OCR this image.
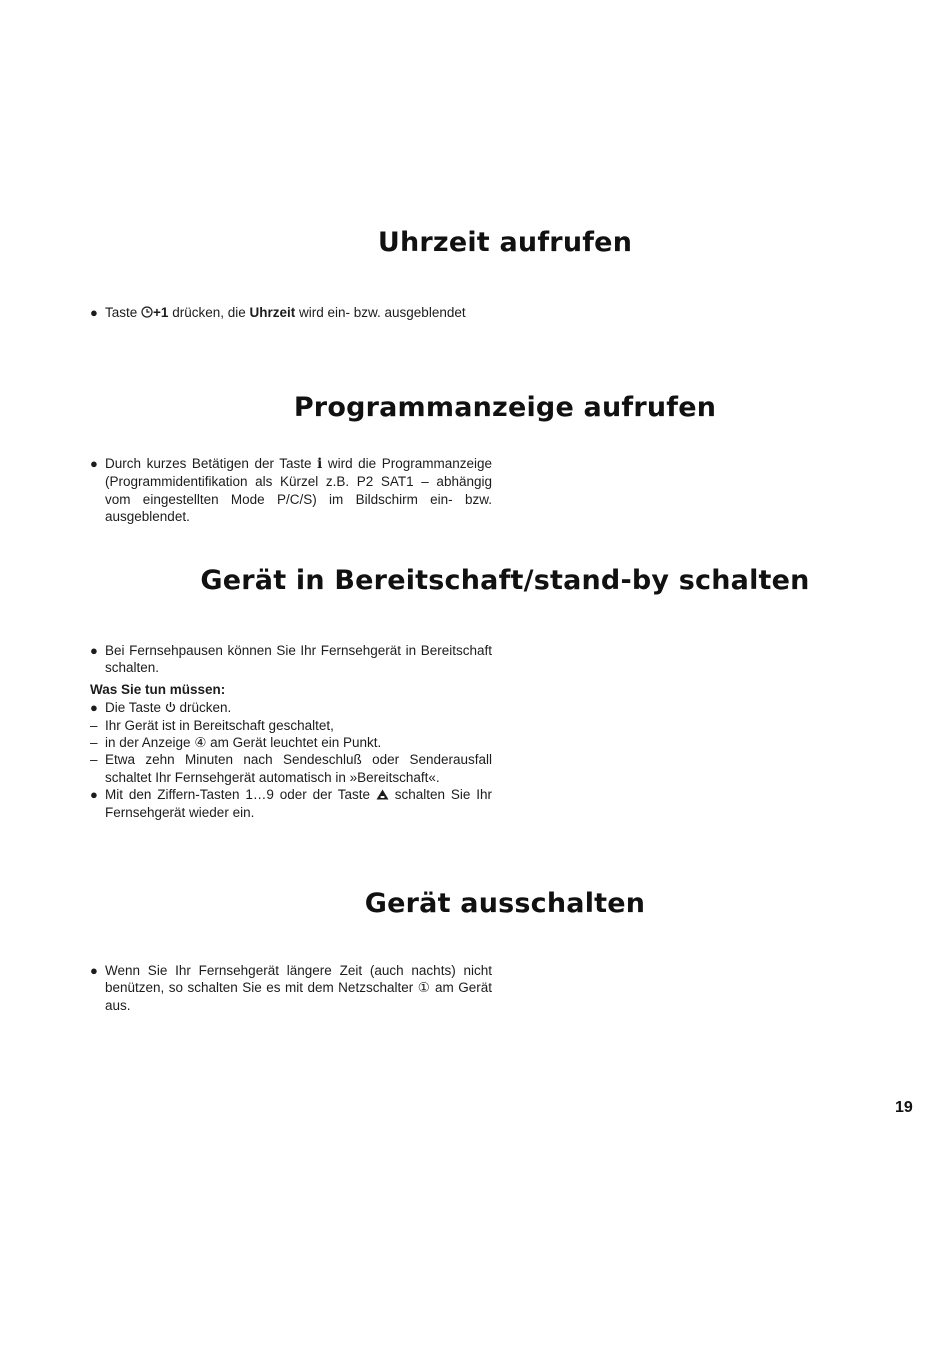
Uhrzeit aufrufen
● Taste +1 drücken, die Uhrzeit wird ein- bzw. ausgeblendet
Programmanzeige aufrufen
● Durch kurzes Betätigen der Taste i wird die Programmanzeige (Programmidentifikation als Kürzel z.B. P2 SAT1 – abhängig vom eingestellten Mode P/C/S) im Bildschirm ein- bzw. ausgeblendet.
Gerät in Bereitschaft/stand-by schalten
● Bei Fernsehpausen können Sie Ihr Fernsehgerät in Bereitschaft schalten.
Was Sie tun müssen:
● Die Taste  drücken.
– Ihr Gerät ist in Bereitschaft geschaltet,
– in der Anzeige ④ am Gerät leuchtet ein Punkt.
– Etwa zehn Minuten nach Sendeschluß oder Senderausfall schaltet Ihr Fernsehgerät automatisch in »Bereitschaft«.
● Mit den Ziffern-Tasten 1…9 oder der Taste  schalten Sie Ihr Fernsehgerät wieder ein.
Gerät ausschalten
● Wenn Sie Ihr Fernsehgerät längere Zeit (auch nachts) nicht benützen, so schalten Sie es mit dem Netzschalter ① am Gerät aus.
19
